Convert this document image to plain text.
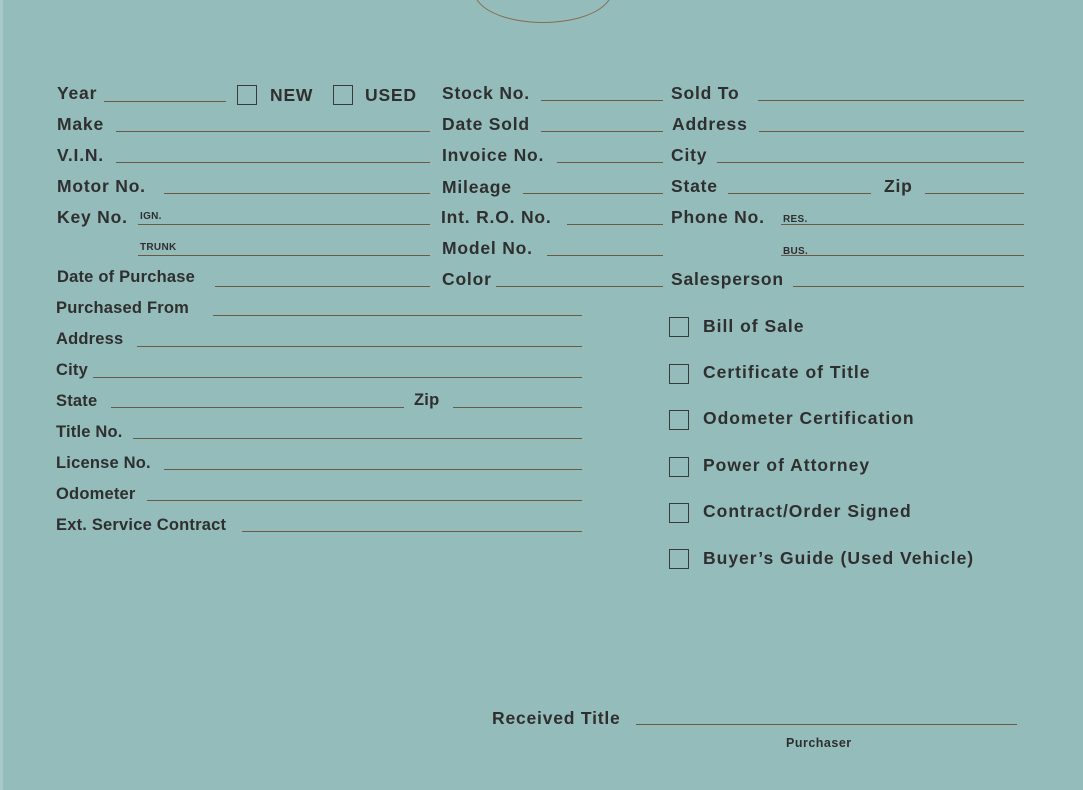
Year	NEW	USED
Make
V.I.N.
Motor No.
Key No. IGN.
TRUNK
Date of Purchase
Stock No.
Date Sold
Invoice No.
Mileage
Int. R.O. No.
Model No.
Color
Sold To
Address
City
State	Zip
Phone No. RES.
BUS.
Salesperson
Purchased From
Address
City
State	Zip
Title No.
License No.
Odometer
Ext. Service Contract
Bill of Sale
Certificate of Title
Odometer Certification
Power of Attorney
Contract/Order Signed
Buyer’s Guide (Used Vehicle)
Received Title
Purchaser
